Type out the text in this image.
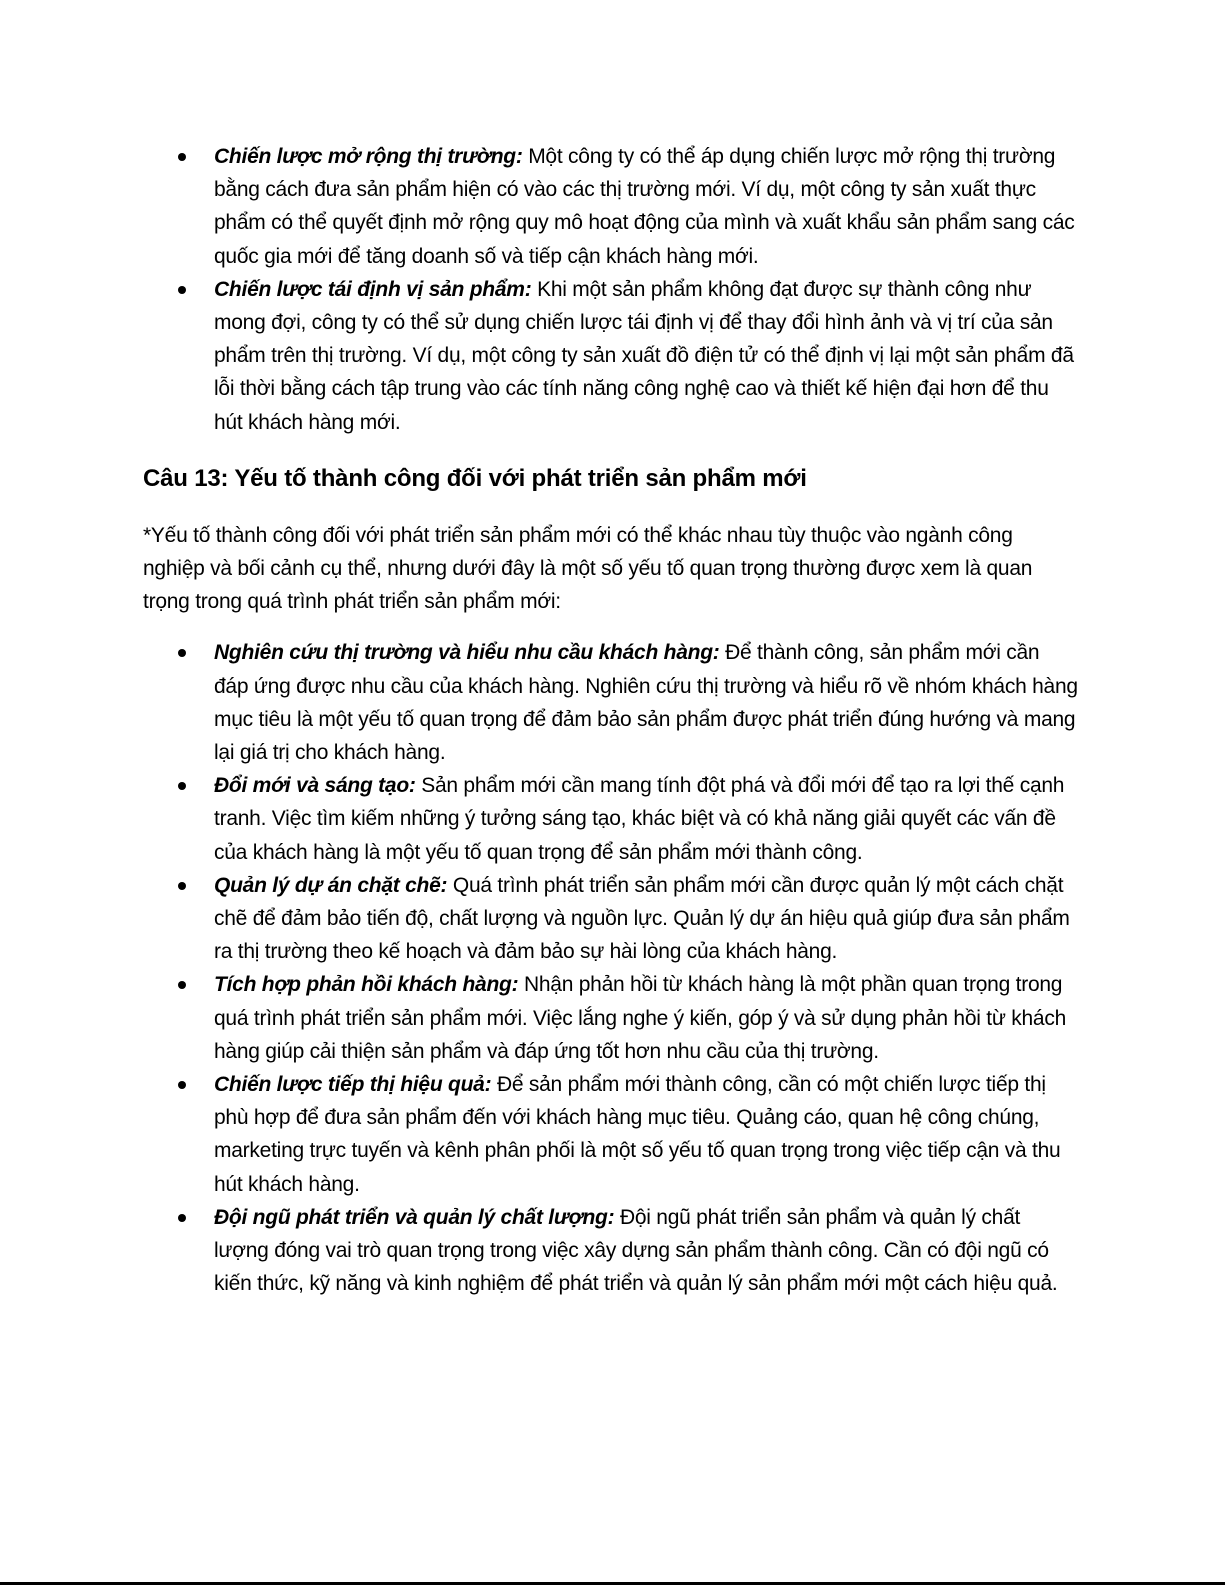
Chiến lược mở rộng thị trường: Một công ty có thể áp dụng chiến lược mở rộng thị trường bằng cách đưa sản phẩm hiện có vào các thị trường mới. Ví dụ, một công ty sản xuất thực phẩm có thể quyết định mở rộng quy mô hoạt động của mình và xuất khẩu sản phẩm sang các quốc gia mới để tăng doanh số và tiếp cận khách hàng mới.
Chiến lược tái định vị sản phẩm: Khi một sản phẩm không đạt được sự thành công như mong đợi, công ty có thể sử dụng chiến lược tái định vị để thay đổi hình ảnh và vị trí của sản phẩm trên thị trường. Ví dụ, một công ty sản xuất đồ điện tử có thể định vị lại một sản phẩm đã lỗi thời bằng cách tập trung vào các tính năng công nghệ cao và thiết kế hiện đại hơn để thu hút khách hàng mới.
Câu 13: Yếu tố thành công đối với phát triển sản phẩm mới

*Yếu tố thành công đối với phát triển sản phẩm mới có thể khác nhau tùy thuộc vào ngành công nghiệp và bối cảnh cụ thể, nhưng dưới đây là một số yếu tố quan trọng thường được xem là quan trọng trong quá trình phát triển sản phẩm mới:

Nghiên cứu thị trường và hiểu nhu cầu khách hàng: Để thành công, sản phẩm mới cần đáp ứng được nhu cầu của khách hàng. Nghiên cứu thị trường và hiểu rõ về nhóm khách hàng mục tiêu là một yếu tố quan trọng để đảm bảo sản phẩm được phát triển đúng hướng và mang lại giá trị cho khách hàng.
Đổi mới và sáng tạo: Sản phẩm mới cần mang tính đột phá và đổi mới để tạo ra lợi thế cạnh tranh. Việc tìm kiếm những ý tưởng sáng tạo, khác biệt và có khả năng giải quyết các vấn đề của khách hàng là một yếu tố quan trọng để sản phẩm mới thành công.
Quản lý dự án chặt chẽ: Quá trình phát triển sản phẩm mới cần được quản lý một cách chặt chẽ để đảm bảo tiến độ, chất lượng và nguồn lực. Quản lý dự án hiệu quả giúp đưa sản phẩm ra thị trường theo kế hoạch và đảm bảo sự hài lòng của khách hàng.
Tích hợp phản hồi khách hàng: Nhận phản hồi từ khách hàng là một phần quan trọng trong quá trình phát triển sản phẩm mới. Việc lắng nghe ý kiến, góp ý và sử dụng phản hồi từ khách hàng giúp cải thiện sản phẩm và đáp ứng tốt hơn nhu cầu của thị trường.
Chiến lược tiếp thị hiệu quả: Để sản phẩm mới thành công, cần có một chiến lược tiếp thị phù hợp để đưa sản phẩm đến với khách hàng mục tiêu. Quảng cáo, quan hệ công chúng, marketing trực tuyến và kênh phân phối là một số yếu tố quan trọng trong việc tiếp cận và thu hút khách hàng.
Đội ngũ phát triển và quản lý chất lượng: Đội ngũ phát triển sản phẩm và quản lý chất lượng đóng vai trò quan trọng trong việc xây dựng sản phẩm thành công. Cần có đội ngũ có kiến thức, kỹ năng và kinh nghiệm để phát triển và quản lý sản phẩm mới một cách hiệu quả.
